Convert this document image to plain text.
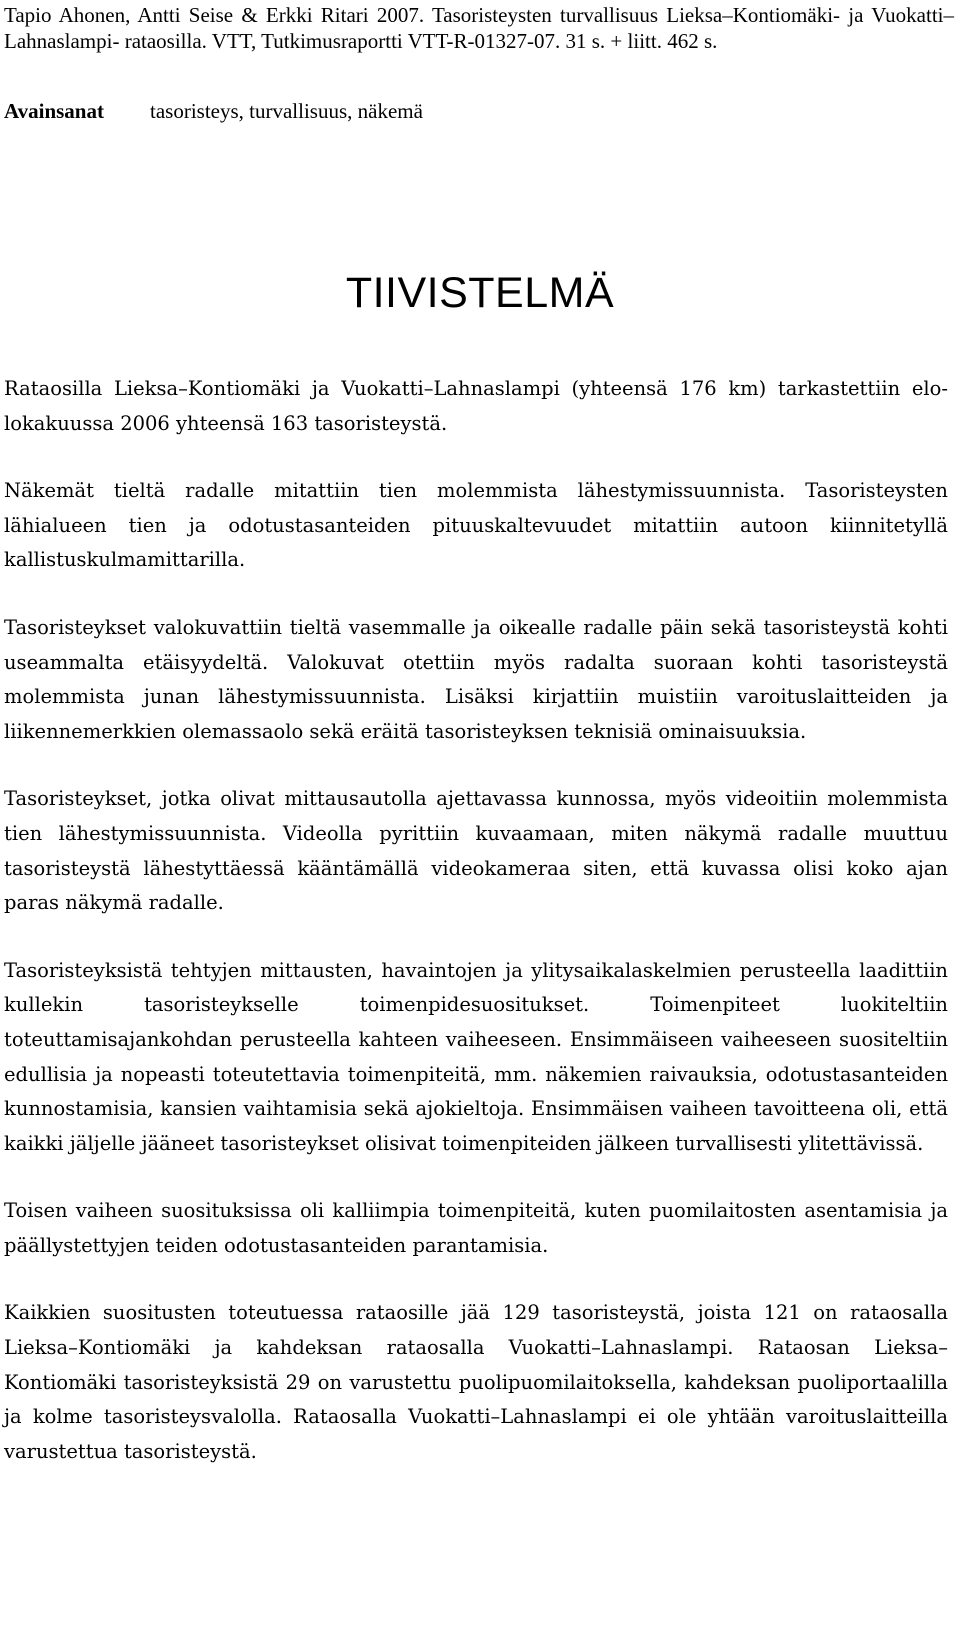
Tapio Ahonen, Antti Seise & Erkki Ritari 2007. Tasoristeysten turvallisuus Lieksa–Kontiomäki- ja Vuokatti–Lahnaslampi- rataosilla. VTT, Tutkimusraportti VTT-R-01327-07. 31 s. + liitt. 462 s.
Avainsanat tasoristeys, turvallisuus, näkemä
TIIVISTELMÄ

Rataosilla Lieksa–Kontiomäki ja Vuokatti–Lahnaslampi (yhteensä 176 km) tarkastettiin elo-lokakuussa 2006 yhteensä 163 tasoristeystä.

Näkemät tieltä radalle mitattiin tien molemmista lähestymissuunnista. Tasoristeysten lähialueen tien ja odotustasanteiden pituuskaltevuudet mitattiin autoon kiinnitetyllä kallistuskulmamittarilla.

Tasoristeykset valokuvattiin tieltä vasemmalle ja oikealle radalle päin sekä tasoristeystä kohti useammalta etäisyydeltä. Valokuvat otettiin myös radalta suoraan kohti tasoristeystä molemmista junan lähestymissuunnista. Lisäksi kirjattiin muistiin varoituslaitteiden ja liikennemerkkien olemassaolo sekä eräitä tasoristeyksen teknisiä ominaisuuksia.

Tasoristeykset, jotka olivat mittausautolla ajettavassa kunnossa, myös videoitiin molemmista tien lähestymissuunnista. Videolla pyrittiin kuvaamaan, miten näkymä radalle muuttuu tasoristeystä lähestyttäessä kääntämällä videokameraa siten, että kuvassa olisi koko ajan paras näkymä radalle.

Tasoristeyksistä tehtyjen mittausten, havaintojen ja ylitysaikalaskelmien perusteella laadittiin kullekin tasoristeykselle toimenpidesuositukset. Toimenpiteet luokiteltiin toteuttamisajankohdan perusteella kahteen vaiheeseen. Ensimmäiseen vaiheeseen suositeltiin edullisia ja nopeasti toteutettavia toimenpiteitä, mm. näkemien raivauksia, odotustasanteiden kunnostamisia, kansien vaihtamisia sekä ajokieltoja. Ensimmäisen vaiheen tavoitteena oli, että kaikki jäljelle jääneet tasoristeykset olisivat toimenpiteiden jälkeen turvallisesti ylitettävissä.

Toisen vaiheen suosituksissa oli kalliimpia toimenpiteitä, kuten puomilaitosten asentamisia ja päällystettyjen teiden odotustasanteiden parantamisia.

Kaikkien suositusten toteutuessa rataosille jää 129 tasoristeystä, joista 121 on rataosalla Lieksa–Kontiomäki ja kahdeksan rataosalla Vuokatti–Lahnaslampi. Rataosan Lieksa–Kontiomäki tasoristeyksistä 29 on varustettu puolipuomilaitoksella, kahdeksan puoliportaalilla ja kolme tasoristeysvalolla. Rataosalla Vuokatti–Lahnaslampi ei ole yhtään varoituslaitteilla varustettua tasoristeystä.
